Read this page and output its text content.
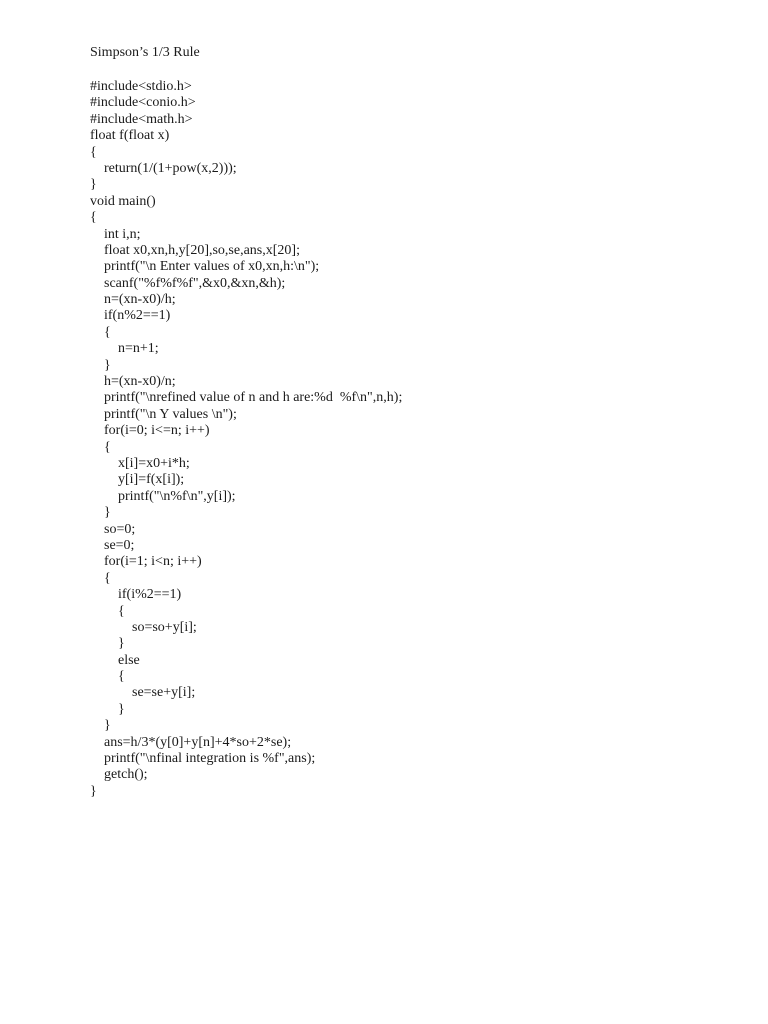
Simpson’s 1/3 Rule
#include<stdio.h>
#include<conio.h>
#include<math.h>
float f(float x)
{
return(1/(1+pow(x,2)));
}
void main()
{
int i,n;
float x0,xn,h,y[20],so,se,ans,x[20];
printf("\n Enter values of x0,xn,h:\n");
scanf("%f%f%f",&x0,&xn,&h);
n=(xn-x0)/h;
if(n%2==1)
{
n=n+1;
}
h=(xn-x0)/n;
printf("\nrefined value of n and h are:%d  %f\n",n,h);
printf("\n Y values \n");
for(i=0; i<=n; i++)
{
x[i]=x0+i*h;
y[i]=f(x[i]);
printf("\n%f\n",y[i]);
}
so=0;
se=0;
for(i=1; i<n; i++)
{
if(i%2==1)
{
so=so+y[i];
}
else
{
se=se+y[i];
}
}
ans=h/3*(y[0]+y[n]+4*so+2*se);
printf("\nfinal integration is %f",ans);
getch();
}
